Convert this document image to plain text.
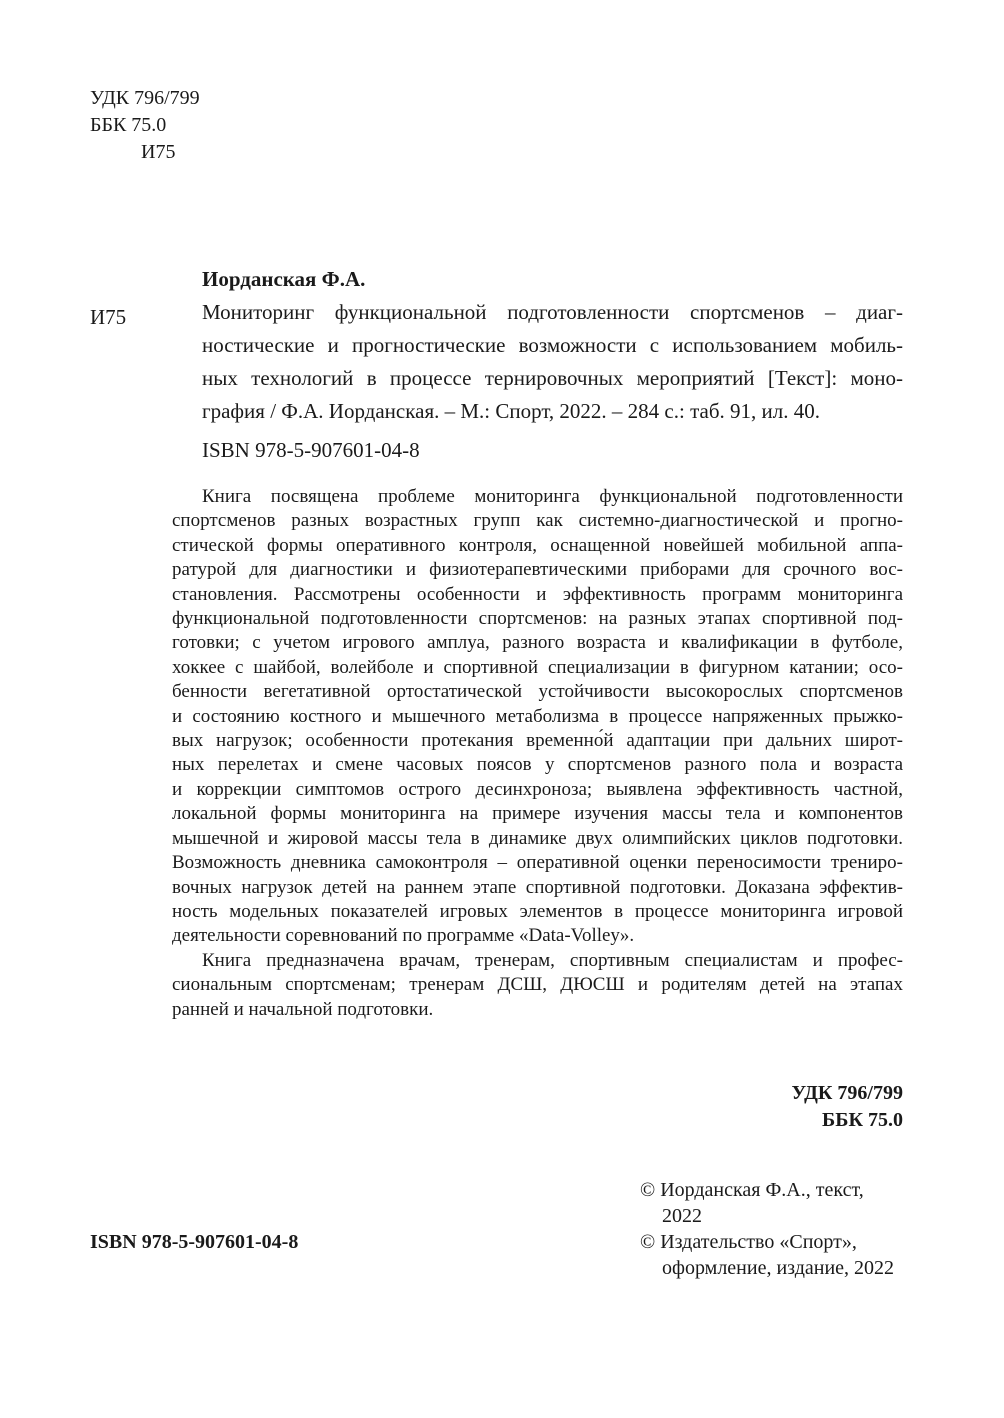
УДК 796/799
ББК 75.0
И75
Иорданская Ф.А.
И75	Мониторинг функциональной подготовленности спортсменов – диаг-
ностические и прогностические возможности с использованием мобиль-
ных технологий в процессе тернировочных мероприятий [Текст]: моно-
графия / Ф.А. Иорданская. – М.: Спорт, 2022. – 284 с.: таб. 91, ил. 40.
ISBN 978-5-907601-04-8
Книга посвящена проблеме мониторинга функциональной подготовленности
спортсменов разных возрастных групп как системно-диагностической и прогно-
стической формы оперативного контроля, оснащенной новейшей мобильной аппа-
ратурой для диагностики и физиотерапевтическими приборами для срочного вос-
становления. Рассмотрены особенности и эффективность программ мониторинга
функциональной подготовленности спортсменов: на разных этапах спортивной под-
готовки; с учетом игрового амплуа, разного возраста и квалификации в футболе,
хоккее с шайбой, волейболе и спортивной специализации в фигурном катании; осо-
бенности вегетативной ортостатической устойчивости высокорослых спортсменов
и состоянию костного и мышечного метаболизма в процессе напряженных прыжко-
вых нагрузок; особенности протекания временно́й адаптации при дальних широт-
ных перелетах и смене часовых поясов у спортсменов разного пола и возраста
и коррекции симптомов острого десинхроноза; выявлена эффективность частной,
локальной формы мониторинга на примере изучения массы тела и компонентов
мышечной и жировой массы тела в динамике двух олимпийских циклов подготовки.
Возможность дневника самоконтроля – оперативной оценки переносимости трениро-
вочных нагрузок детей на раннем этапе спортивной подготовки. Доказана эффектив-
ность модельных показателей игровых элементов в процессе мониторинга игровой
деятельности соревнований по программе «Data-Volley».
Книга предназначена врачам, тренерам, спортивным специалистам и профес-
сиональным спортсменам; тренерам ДСШ, ДЮСШ и родителям детей на этапах
ранней и начальной подготовки.
УДК 796/799
ББК 75.0
© Иорданская Ф.А., текст,
2022
© Издательство «Спорт»,
оформление, издание, 2022
ISBN 978-5-907601-04-8
